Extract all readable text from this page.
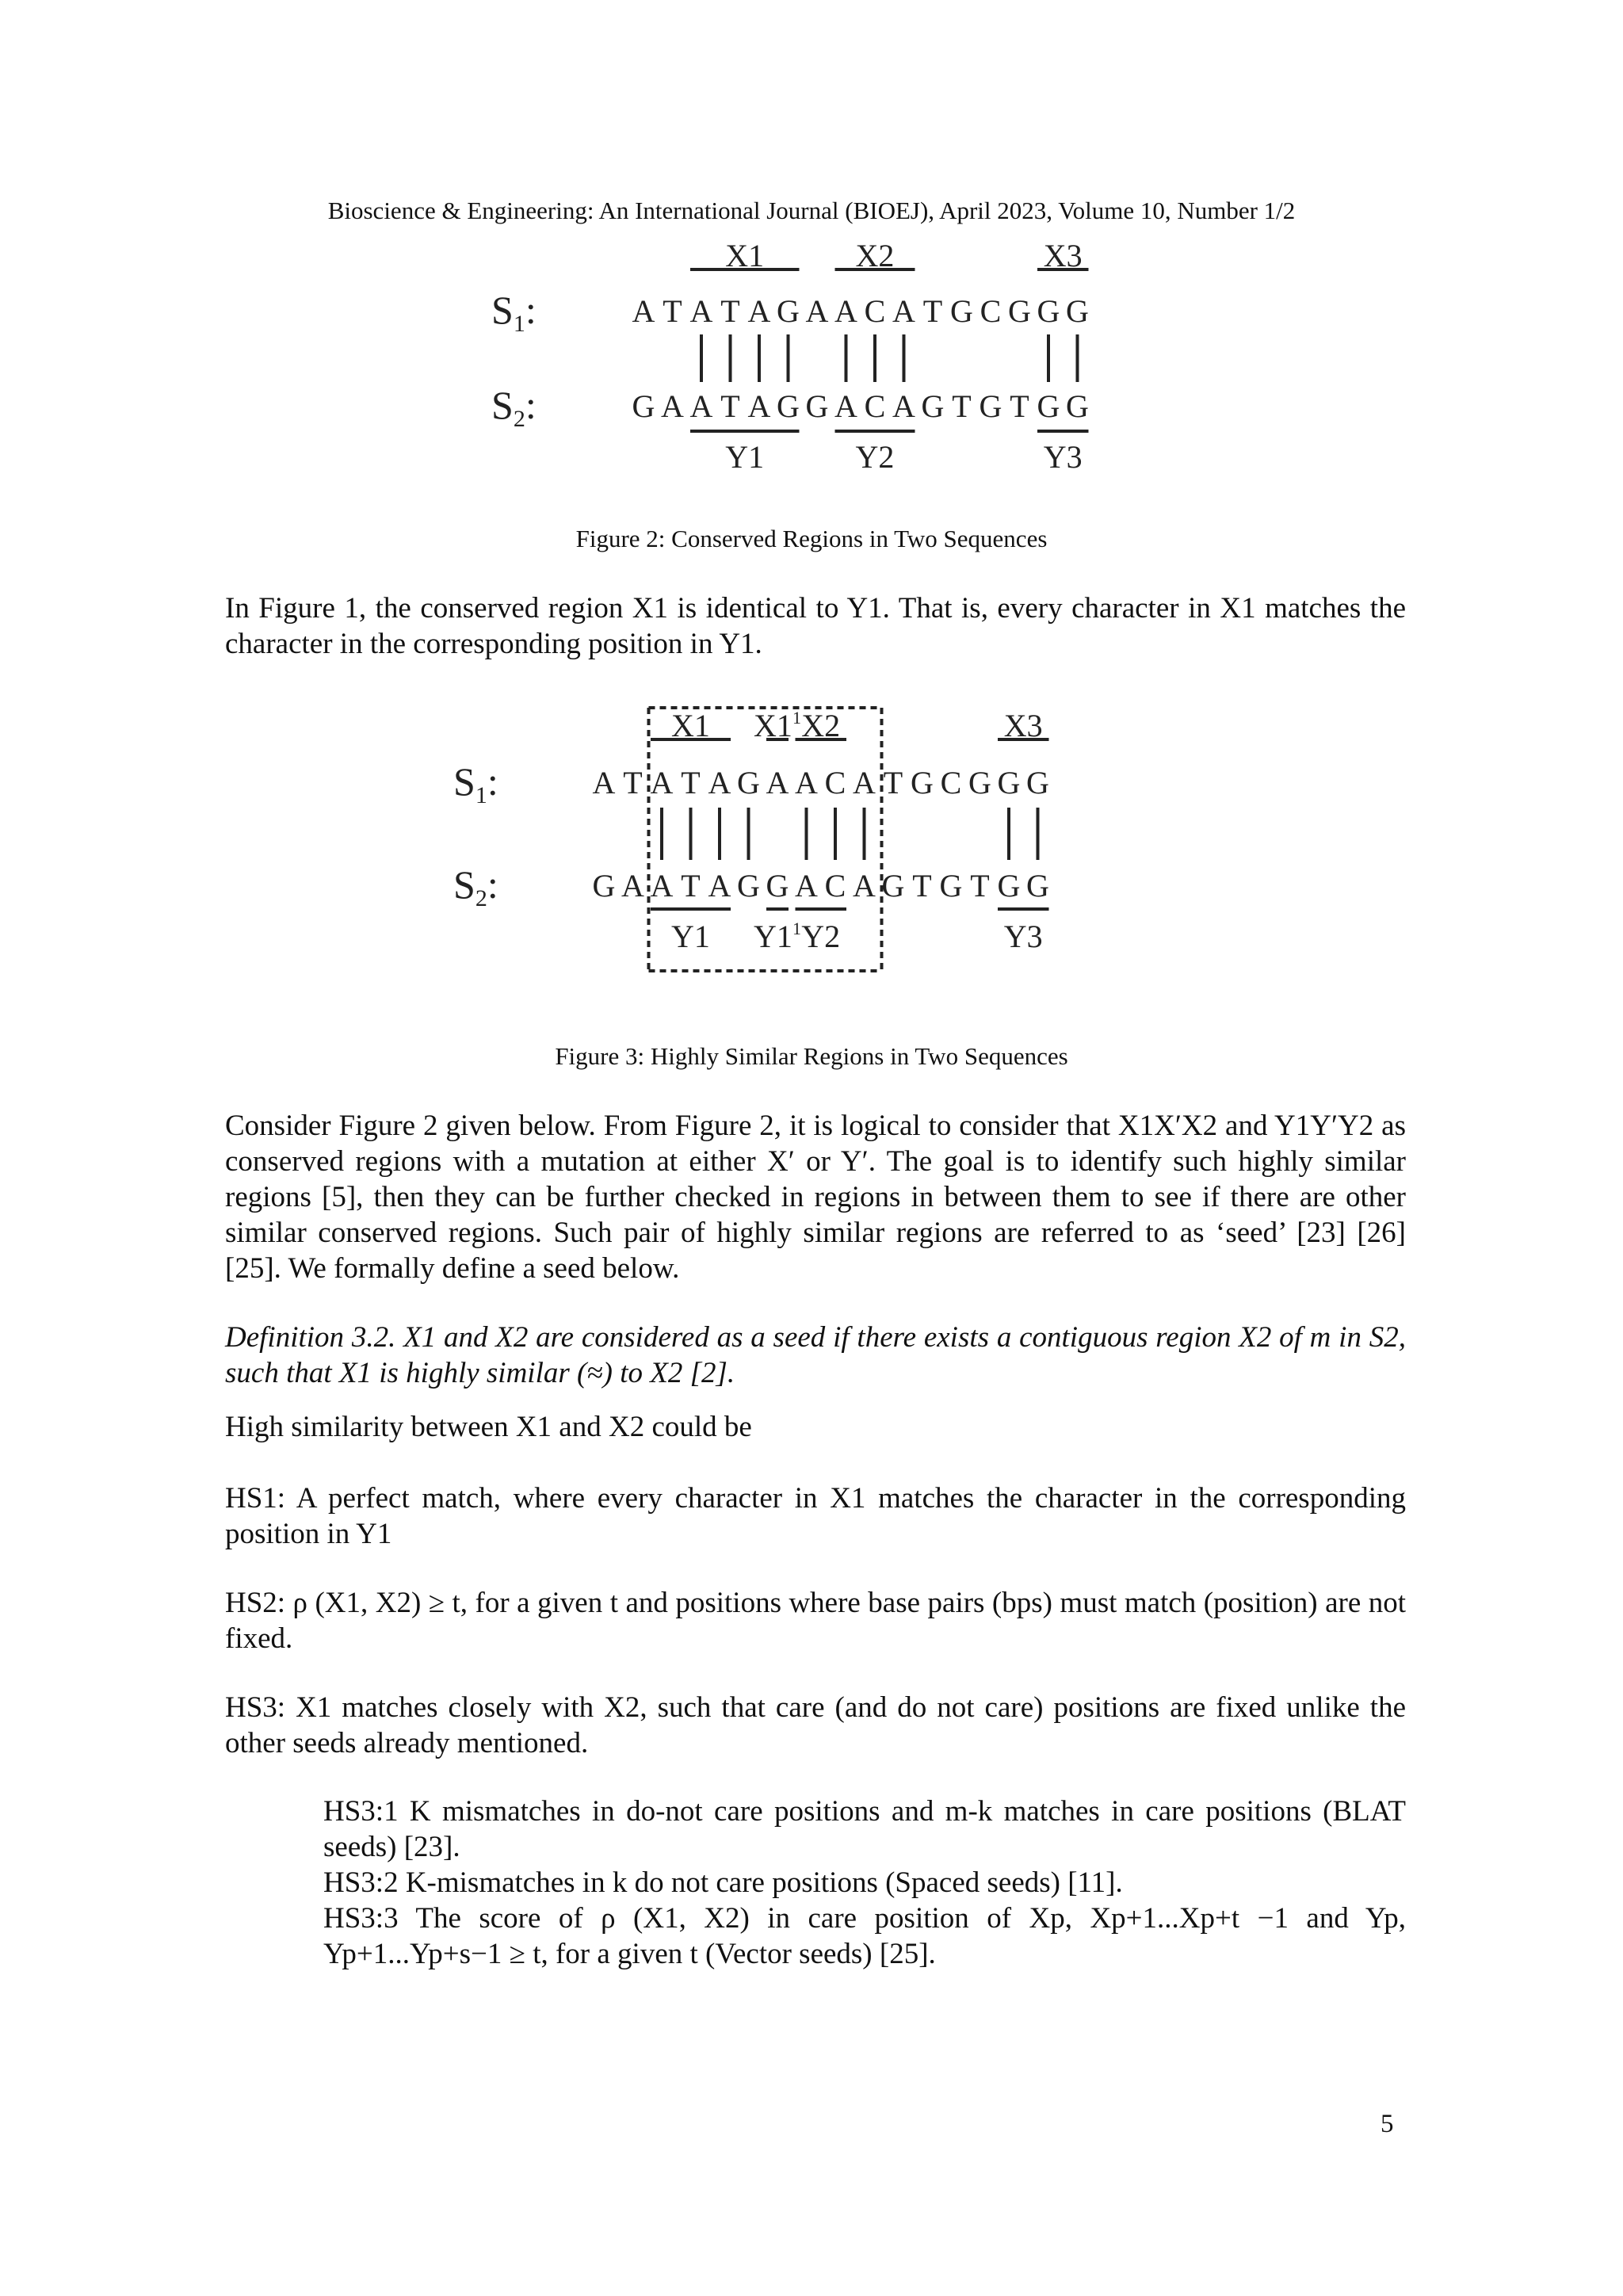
Bioscience & Engineering: An International Journal (BIOEJ), April 2023, Volume 10, Number 1/2
$S_1$:
$S_2$:
A T A T A G A A C A T G C G G G
G A A T A G G A C A G T G T G G
X1	X2	X3
Y1	Y2	Y3
Figure 2: Conserved Regions in Two Sequences
In Figure 1, the conserved region X1 is identical to Y1. That is, every character in X1 matches the character in the corresponding position in Y1.
$S_1$:
$S_2$:
A T A T A G A A C A T G C G G G
G A A T A G G A C A G T G T G G
X1 $X1^1$ X2	X3
Y1 $Y1^1$ Y2	Y3
Figure 3: Highly Similar Regions in Two Sequences
Consider Figure 2 given below. From Figure 2, it is logical to consider that X1X′X2 and Y1Y′Y2 as conserved regions with a mutation at either X′ or Y′. The goal is to identify such highly similar regions [5], then they can be further checked in regions in between them to see if there are other similar conserved regions. Such pair of highly similar regions are referred to as ‘seed’ [23] [26] [25]. We formally define a seed below.
Definition 3.2. X1 and X2 are considered as a seed if there exists a contiguous region X2 of m in S2, such that X1 is highly similar (≈) to X2 [2].
High similarity between X1 and X2 could be
HS1: A perfect match, where every character in X1 matches the character in the corresponding position in Y1
HS2: ρ (X1, X2) ≥ t, for a given t and positions where base pairs (bps) must match (position) are not fixed.
HS3: X1 matches closely with X2, such that care (and do not care) positions are fixed unlike the other seeds already mentioned.
HS3:1 K mismatches in do-not care positions and m-k matches in care positions (BLAT seeds) [23].
HS3:2 K-mismatches in k do not care positions (Spaced seeds) [11].
HS3:3 The score of ρ (X1, X2) in care position of Xp, Xp+1...Xp+t −1 and Yp, Yp+1...Yp+s−1 ≥ t, for a given t (Vector seeds) [25].
5
